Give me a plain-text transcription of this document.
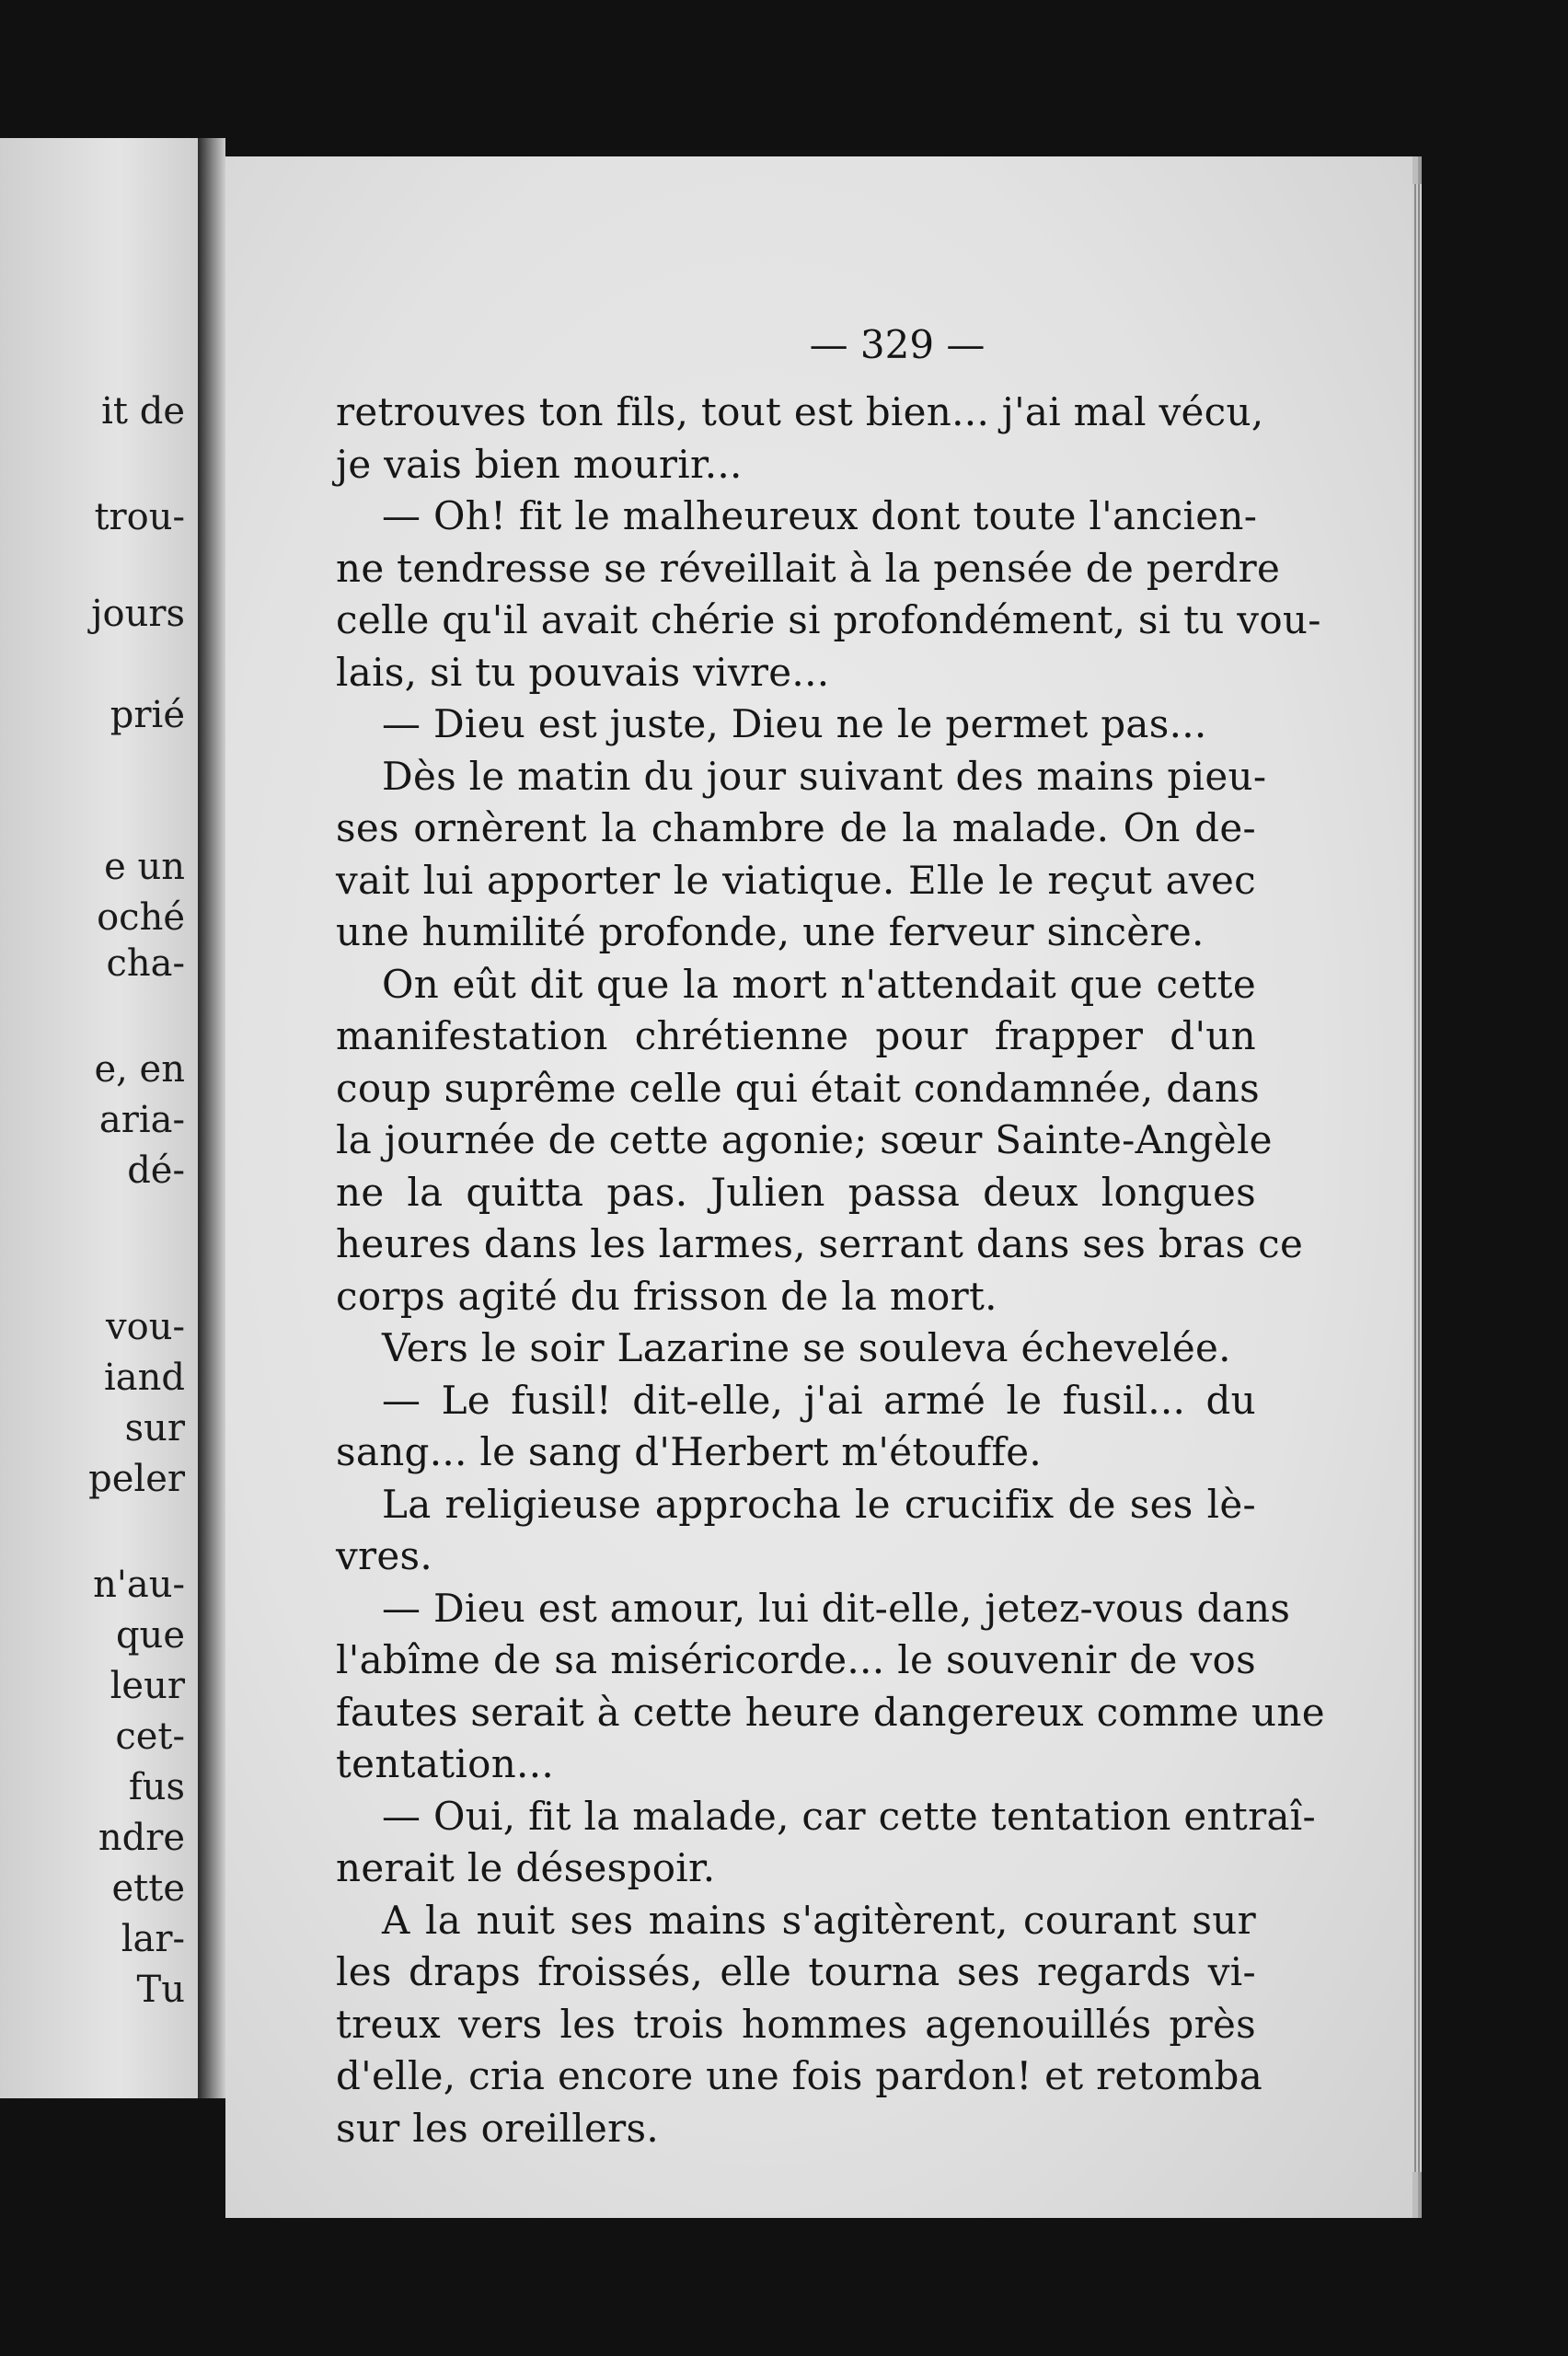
it de

trou-

jours

prié

e un

oché

cha-

e, en

aria-

dé-

vou-

iand

sur

peler

n'au-

que

leur

cet-

fus

ndre

ette

lar-

Tu

— 329 —

retrouves ton fils, tout est bien... j'ai mal vécu,

je vais bien mourir...

— Oh! fit le malheureux dont toute l'ancien-

ne tendresse se réveillait à la pensée de perdre

celle qu'il avait chérie si profondément, si tu vou-

lais, si tu pouvais vivre...

— Dieu est juste, Dieu ne le permet pas...

Dès le matin du jour suivant des mains pieu-

ses ornèrent la chambre de la malade. On de-

vait lui apporter le viatique. Elle le reçut avec

une humilité profonde, une ferveur sincère.

On eût dit que la mort n'attendait que cette

manifestation chrétienne pour frapper d'un

coup suprême celle qui était condamnée, dans

la journée de cette agonie; sœur Sainte-Angèle

ne la quitta pas. Julien passa deux longues

heures dans les larmes, serrant dans ses bras ce

corps agité du frisson de la mort.

Vers le soir Lazarine se souleva échevelée.

— Le fusil! dit-elle, j'ai armé le fusil... du

sang... le sang d'Herbert m'étouffe.

La religieuse approcha le crucifix de ses lè-

vres.

— Dieu est amour, lui dit-elle, jetez-vous dans

l'abîme de sa miséricorde... le souvenir de vos

fautes serait à cette heure dangereux comme une

tentation...

— Oui, fit la malade, car cette tentation entraî-

nerait le désespoir.

A la nuit ses mains s'agitèrent, courant sur

les draps froissés, elle tourna ses regards vi-

treux vers les trois hommes agenouillés près

d'elle, cria encore une fois pardon! et retomba

sur les oreillers.
